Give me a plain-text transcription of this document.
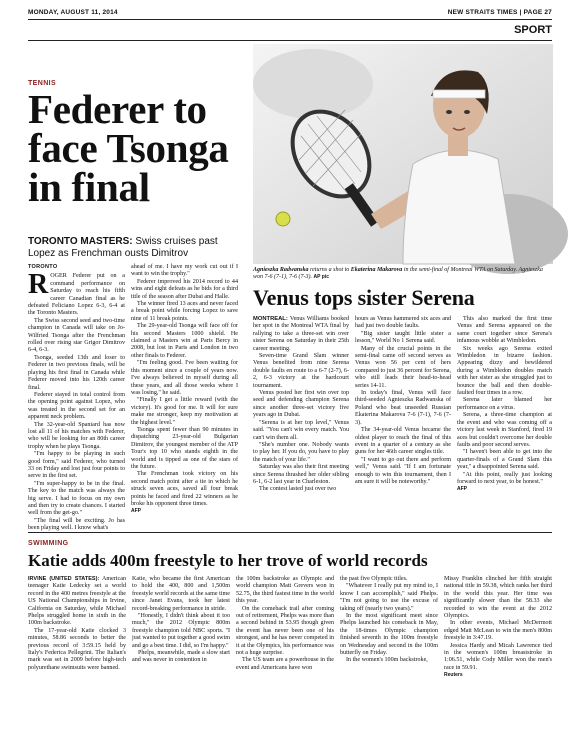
MONDAY, AUGUST 11, 2014	NEW STRAITS TIMES | PAGE 27
SPORT
TENNIS
Federer to face Tsonga in final
TORONTO MASTERS: Swiss cruises past Lopez as Frenchman ousts Dimitrov
TORONTO
R OGER Federer put on a command performance on Saturday to reach his fifth career Canadian final as he defeated Feliciano Lopez 6-3, 6-4 at the Toronto Masters.

The Swiss second seed and two-time champion in Canada will take on Jo-Wilfried Tsonga after the Frenchman rolled over rising star Grigor Dimitrov 6-4, 6-3.

Tsonga, seeded 13th and loser to Federer in two previous finals, will be playing his first final in Canada while Federer moved into his 120th career final.

Federer stayed in total control from the opening point against Lopez, who was treated in the second set for an apparent neck problem.

The 32-year-old Spaniard has now lost all 11 of his matches with Federer, who will be looking for an 80th career trophy when he plays Tsonga.

"I'm happy to be playing in such good form," said Federer, who turned 33 on Friday and lost just four points to serve in the first set.

"I'm super-happy to be in the final. The key to the match was always the big serve. I had to focus on my own and then try to create chances. I started well from the get-go."

"The final will be exciting. Jo has been playing well. I know what's

ahead of me. I have my work cut out if I want to win the trophy."

Federer improved his 2014 record to 44 wins and eight defeats as he bids for a third title of the season after Dubai and Halle.

The winner fired 13 aces and never faced a break point while forcing Lopez to save nine of 11 break points.

The 29-year-old Tsonga will face off for his second Masters 1000 shield. He claimed a Masters win at Paris Bercy in 2008, but lost in Paris and London in two other finals to Federer.

"I'm feeling good. I've been waiting for this moment since a couple of years now. I've always believed in myself during all these years, and all those weeks where I was losing," he said.

"Finally I get a little reward (with the victory). It's good for me. It will for sure make me stronger, keep my motivation at the highest level."

Tsonga spent fewer than 90 minutes in dispatching 23-year-old Bulgarian Dimitrov, the youngest member of the ATP Tour's top 10 who stands eighth in the world and is tipped as one of the stars of the future.

The Frenchman took victory on his second match point after a tie in which he struck seven aces, saved all four break points he faced and fired 22 winners as he broke his opponent three times.

AFP
Agnieszka Radwanska returns a shot to Ekaterina Makarova in the semi-final of Montreal WTA on Saturday. Agnieszka won 7-6 (7-1), 7-6 (7-3). AP pic
Venus tops sister Serena

MONTREAL: Venus Williams booked her spot in the Montreal WTA final by rallying to take a three-set win over sister Serena on Saturday in their 25th career meeting.

Seven-time Grand Slam winner Venus benefited from nine Serena double faults en route to a 6-7 (2-7), 6-2, 6-3 victory at the hardcourt tournament.

Venus posted her first win over top seed and defending champion Serena since another three-set victory five years ago in Dubai.

"Serena is at her top level," Venus said. "You can't win every match. You can't win them all.

"She's number one. Nobody wants to play her. If you do, you have to play the match of your life."

Saturday was also their first meeting since Serena thrashed her older sibling 6-1, 6-2 last year in Charleston.

The contest lasted just over two

hours as Venus hammered six aces and had just two double faults.

"Big sister taught little sister a lesson," World No 1 Serena said.

Many of the crucial points in the semi-final came off second serves as Venus won 56 per cent of hers compared to just 36 percent for Serena, who still leads their head-to-head series 14-11.

In today's final, Venus will face third-seeded Agnieszka Radwanska of Poland who beat unseeded Russian Ekaterina Makarova 7-6 (7-1), 7-6 (7-3).

The 34-year-old Venus became the oldest player to reach the final of this event in a quarter of a century as she guns for her 46th career singles title.

"I want to go out there and perform well," Venus said. "If I am fortunate enough to win this tournament, then I am sure it will be noteworthy."

This also marked the first time Venus and Serena appeared on the same court together since Serena's infamous wobble at Wimbledon.

Six weeks ago Serena exited Wimbledon in bizarre fashion. Appearing dizzy and bewildered during a Wimbledon doubles match with her sister as she struggled just to bounce the ball and then double-faulted four times in a row.

Serena later blamed her performance on a virus.

Serena, a three-time champion at the event and who was coming off a victory last week in Stanford, fired 19 aces but couldn't overcome her double faults and poor second serves.

"I haven't been able to get into the quarter-finals of a Grand Slam this year," a disappointed Serena said.

"At this point, really just looking forward to next year, to be honest."

AFP
SWIMMING
Katie adds 400m freestyle to her trove of world records

IRVINE (UNITED STATES): American teenager Katie Ledecky set a world record in the 400 metres freestyle at the US National Championships in Irvine, California on Saturday, while Michael Phelps struggled home in sixth in the 100m backstroke.

The 17-year-old Katie clocked 3 minutes, 58.86 seconds to better the previous record of 3:59.15 held by Italy's Federica Pellegrini. The Italian's mark was set in 2009 before high-tech polyurethane swimsuits were banned.

Katie, who became the first American to hold the 400, 800 and 1,500m freestyle world records at the same time since Janet Evans, took her latest record-breaking performance in stride.

"Honestly, I didn't think about it too much," the 2012 Olympic 800m freestyle champion told NBC sports. "I just wanted to put together a good swim and go a best time. I did, so I'm happy."

Phelps, meanwhile, made a slow start and was never in contention in

the 100m backstroke as Olympic and world champion Matt Grevers won in 52.75, the third fastest time in the world this year.

On the comeback trail after coming out of retirement, Phelps was more than a second behind in 53.95 though given the event has never been one of his strongest, and he has never competed in it at the Olympics, his performance was not a huge surprise.

The US team are a powerhouse in the event and Americans have won

the past five Olympic titles.

"Whatever I really put my mind to, I know I can accomplish," said Phelps. "I'm not going to use the excuse of taking off (nearly two years)."

In the most significant meet since Phelps launched his comeback in May, the 18-times Olympic champion finished seventh in the 100m freestyle on Wednesday and second in the 100m butterfly on Friday.

In the women's 100m backstroke,

Missy Franklin clinched her fifth straight national title in 59.38, which ranks her third in the world this year. Her time was significantly slower than the 58.33 she recorded to win the event at the 2012 Olympics.

In other events, Michael McDermott edged Matt McLean to win the men's 800m freestyle in 3:47.19.

Jessica Hardy and Micah Lawrence tied in the women's 100m breaststroke in 1:06.51, while Cody Miller won the men's race in 59.91.

Reuters
